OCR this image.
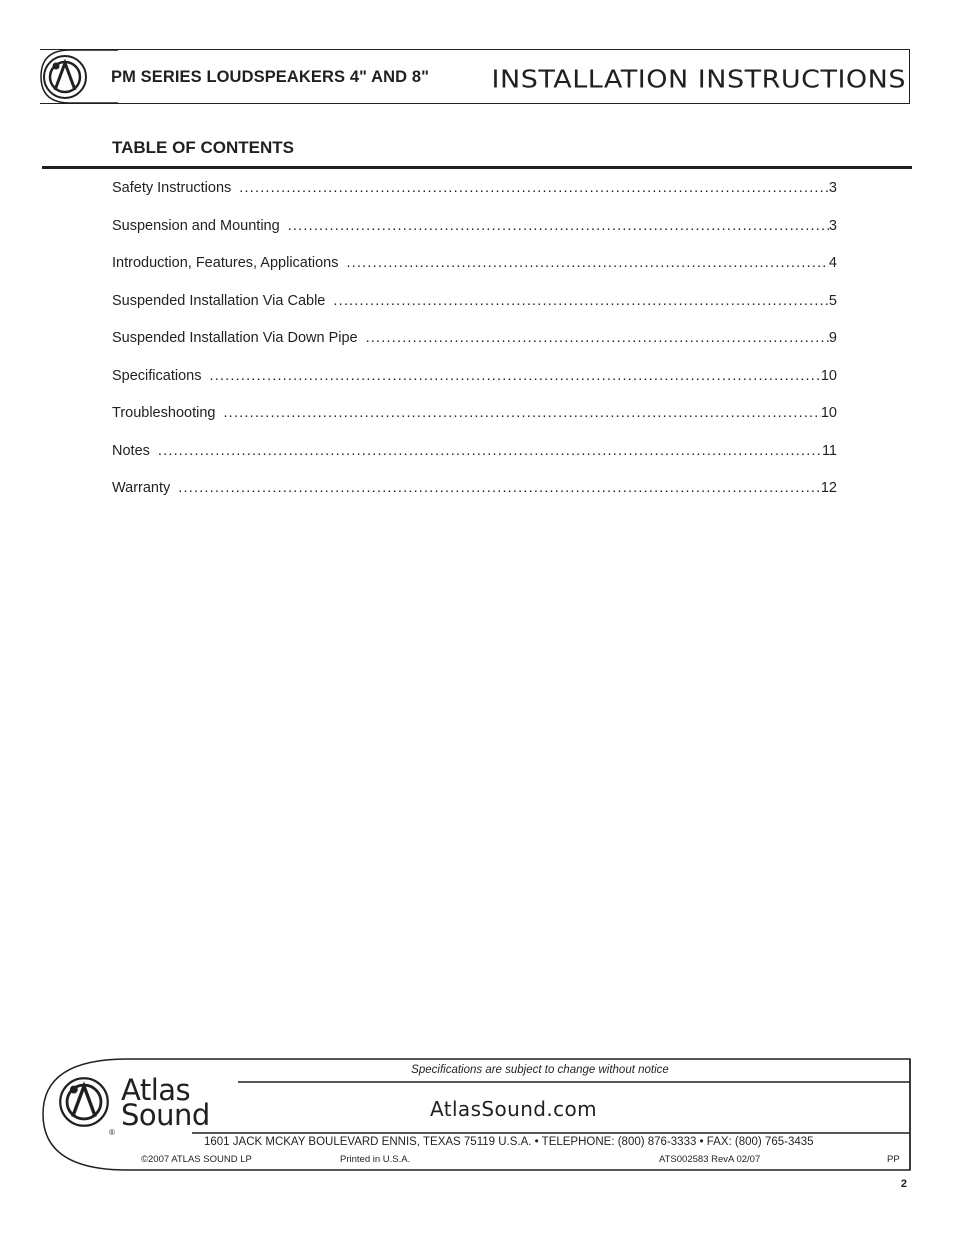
PM SERIES LOUDSPEAKERS 4" AND 8" INSTALLATION INSTRUCTIONS
TABLE OF CONTENTS
Safety Instructions .....	3
Suspension and Mounting .....	3
Introduction, Features, Applications .....	4
Suspended Installation Via Cable .....	5
Suspended Installation Via Down Pipe .....	9
Specifications .....	10
Troubleshooting .....	10
Notes .....	11
Warranty .....	12
Specifications are subject to change without notice
Atlas
Sound
®
AtlasSound.com
1601 JACK MCKAY BOULEVARD ENNIS, TEXAS 75119 U.S.A. • TELEPHONE: (800) 876-3333 • FAX: (800) 765-3435
©2007 ATLAS SOUND LP	Printed in U.S.A.	ATS002583 RevA 02/07	PP
2
